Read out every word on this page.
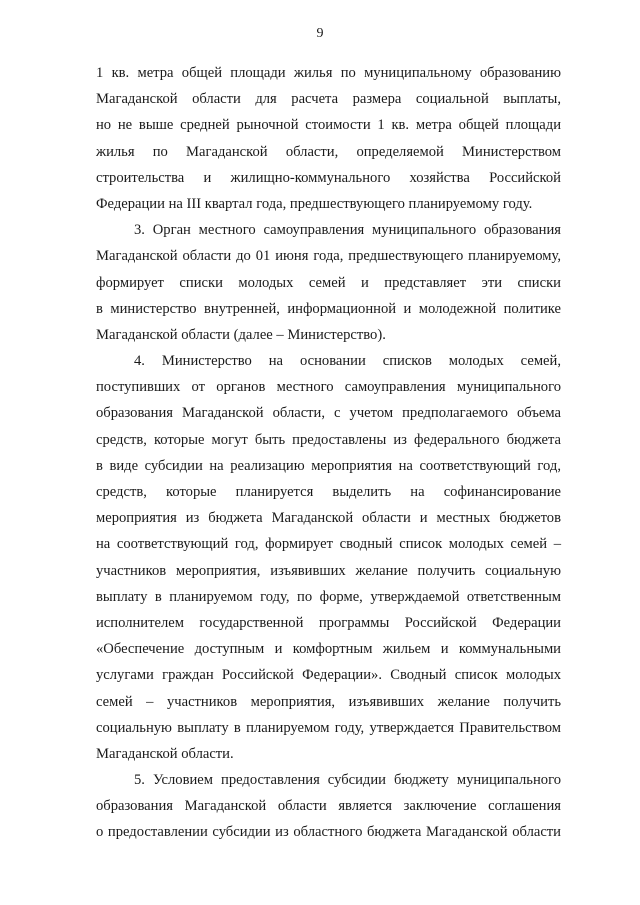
9
1 кв. метра общей площади жилья по муниципальному образованию
Магаданской области для расчета размера социальной выплаты,
но не выше средней рыночной стоимости 1 кв. метра общей площади
жилья по Магаданской области, определяемой Министерством
строительства и жилищно-коммунального хозяйства Российской
Федерации на III квартал года, предшествующего планируемому году.
3. Орган местного самоуправления муниципального образования
Магаданской области до 01 июня года, предшествующего планируемому,
формирует списки молодых семей и представляет эти списки
в министерство внутренней, информационной и молодежной политике
Магаданской области (далее – Министерство).
4. Министерство на основании списков молодых семей,
поступивших от органов местного самоуправления муниципального
образования Магаданской области, с учетом предполагаемого объема
средств, которые могут быть предоставлены из федерального бюджета
в виде субсидии на реализацию мероприятия на соответствующий год,
средств, которые планируется выделить на софинансирование
мероприятия из бюджета Магаданской области и местных бюджетов
на соответствующий год, формирует сводный список молодых семей –
участников мероприятия, изъявивших желание получить социальную
выплату в планируемом году, по форме, утверждаемой ответственным
исполнителем государственной программы Российской Федерации
«Обеспечение доступным и комфортным жильем и коммунальными
услугами граждан Российской Федерации». Сводный список молодых
семей – участников мероприятия, изъявивших желание получить
социальную выплату в планируемом году, утверждается Правительством
Магаданской области.
5. Условием предоставления субсидии бюджету муниципального
образования Магаданской области является заключение соглашения
о предоставлении субсидии из областного бюджета Магаданской области
